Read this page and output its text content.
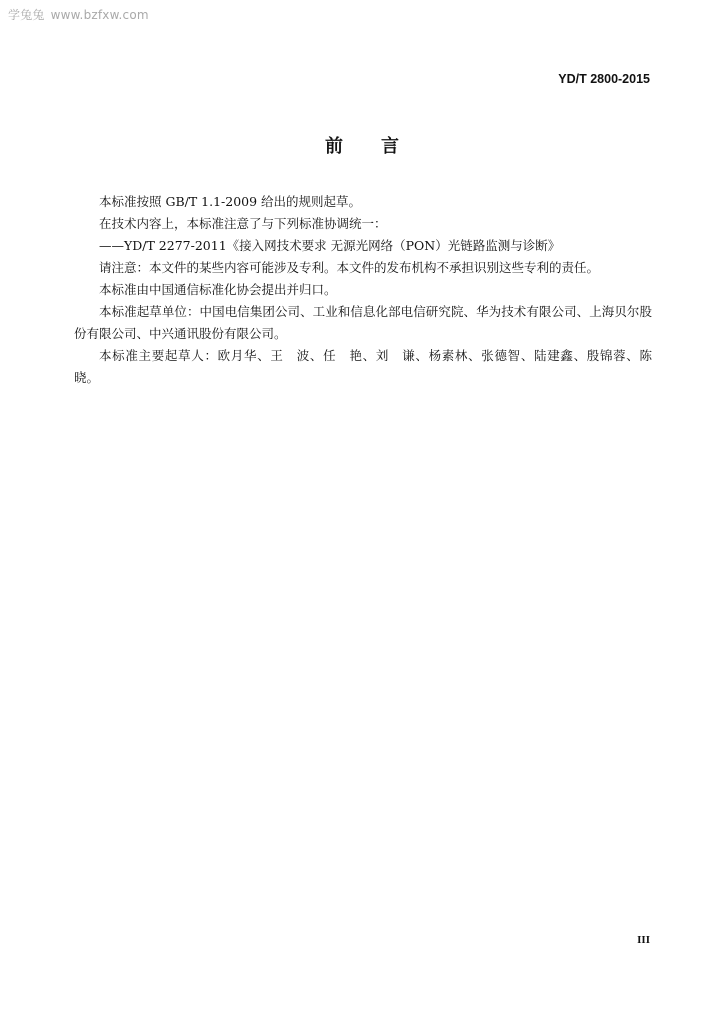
学兔兔 www.bzfxw.com
YD/T 2800-2015
前 言

本标准按照 GB/T 1.1-2009 给出的规则起草。

在技术内容上，本标准注意了与下列标准协调统一：

——YD/T 2277-2011《接入网技术要求 无源光网络（PON）光链路监测与诊断》

请注意：本文件的某些内容可能涉及专利。本文件的发布机构不承担识别这些专利的责任。

本标准由中国通信标准化协会提出并归口。

本标准起草单位：中国电信集团公司、工业和信息化部电信研究院、华为技术有限公司、上海贝尔股份有限公司、中兴通讯股份有限公司。

本标准主要起草人：欧月华、王　波、任　艳、刘　谦、杨素林、张德智、陆建鑫、殷锦蓉、陈　晓。

III
